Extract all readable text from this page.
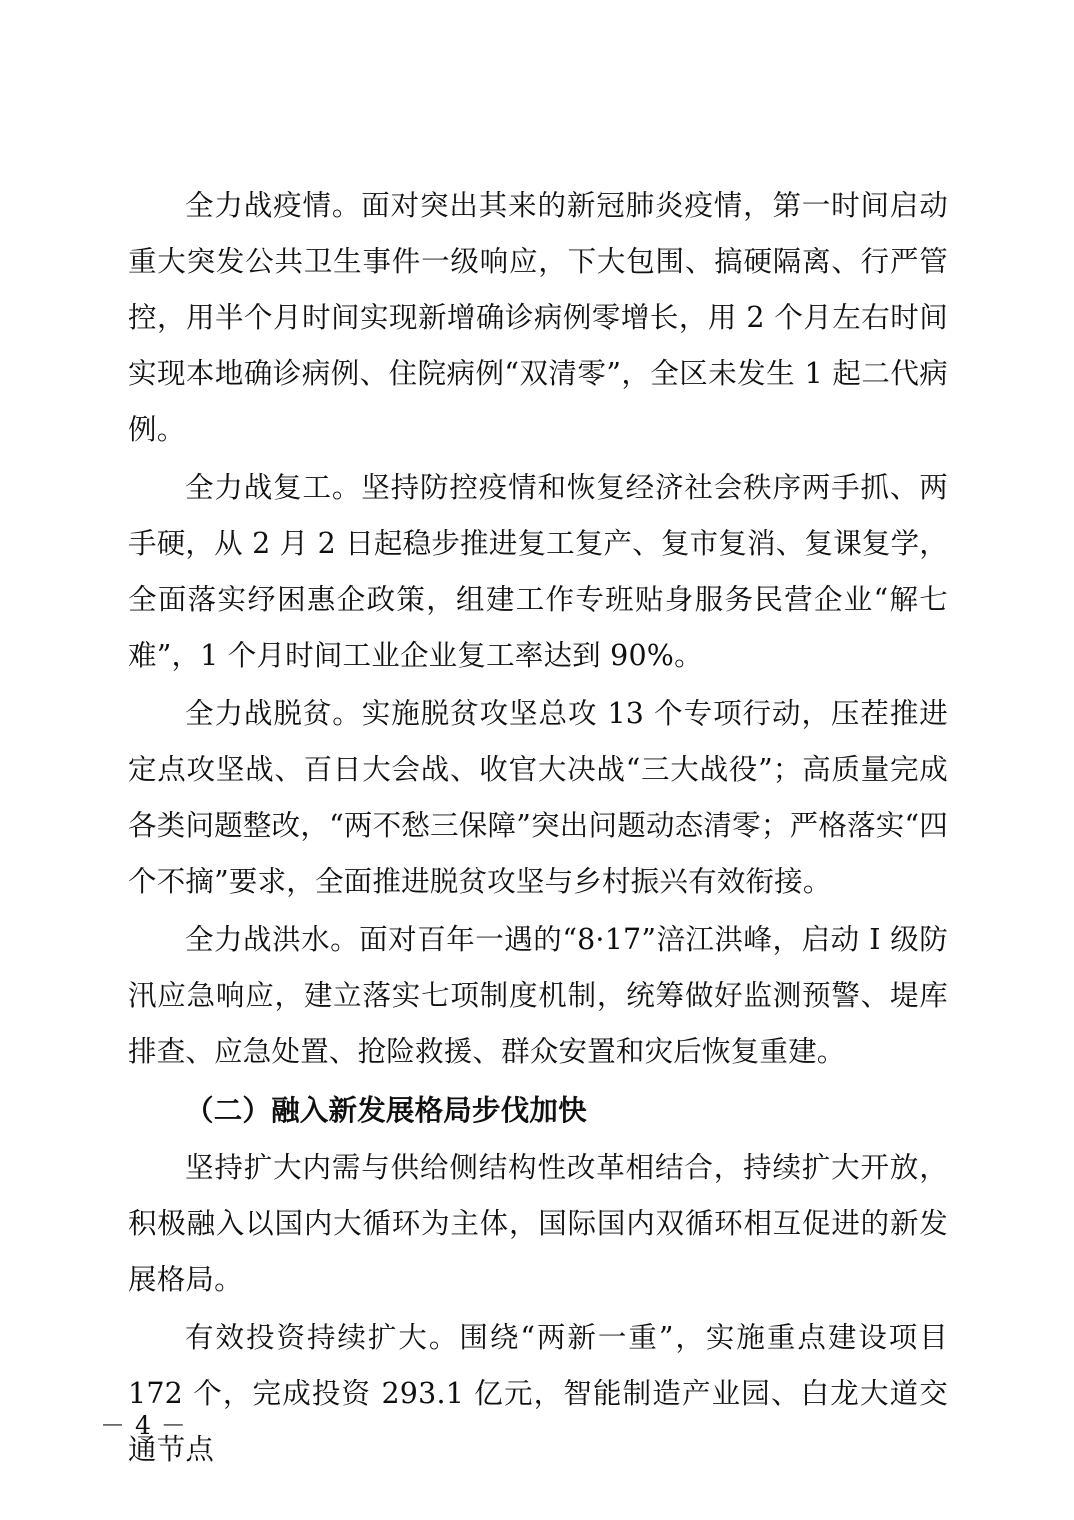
全力战疫情。面对突出其来的新冠肺炎疫情，第一时间启动重大突发公共卫生事件一级响应，下大包围、搞硬隔离、行严管控，用半个月时间实现新增确诊病例零增长，用 2 个月左右时间实现本地确诊病例、住院病例“双清零”，全区未发生 1 起二代病例。

全力战复工。坚持防控疫情和恢复经济社会秩序两手抓、两手硬，从 2 月 2 日起稳步推进复工复产、复市复消、复课复学，全面落实纾困惠企政策，组建工作专班贴身服务民营企业“解七难”，1 个月时间工业企业复工率达到 90%。

全力战脱贫。实施脱贫攻坚总攻 13 个专项行动，压茬推进定点攻坚战、百日大会战、收官大决战“三大战役”；高质量完成各类问题整改，“两不愁三保障”突出问题动态清零；严格落实“四个不摘”要求，全面推进脱贫攻坚与乡村振兴有效衔接。

全力战洪水。面对百年一遇的“8·17”涪江洪峰，启动 I 级防汛应急响应，建立落实七项制度机制，统筹做好监测预警、堤库排查、应急处置、抢险救援、群众安置和灾后恢复重建。

（二）融入新发展格局步伐加快

坚持扩大内需与供给侧结构性改革相结合，持续扩大开放，积极融入以国内大循环为主体，国际国内双循环相互促进的新发展格局。

有效投资持续扩大。围绕“两新一重”，实施重点建设项目 172 个，完成投资 293.1 亿元，智能制造产业园、白龙大道交通节点

－ 4 －
